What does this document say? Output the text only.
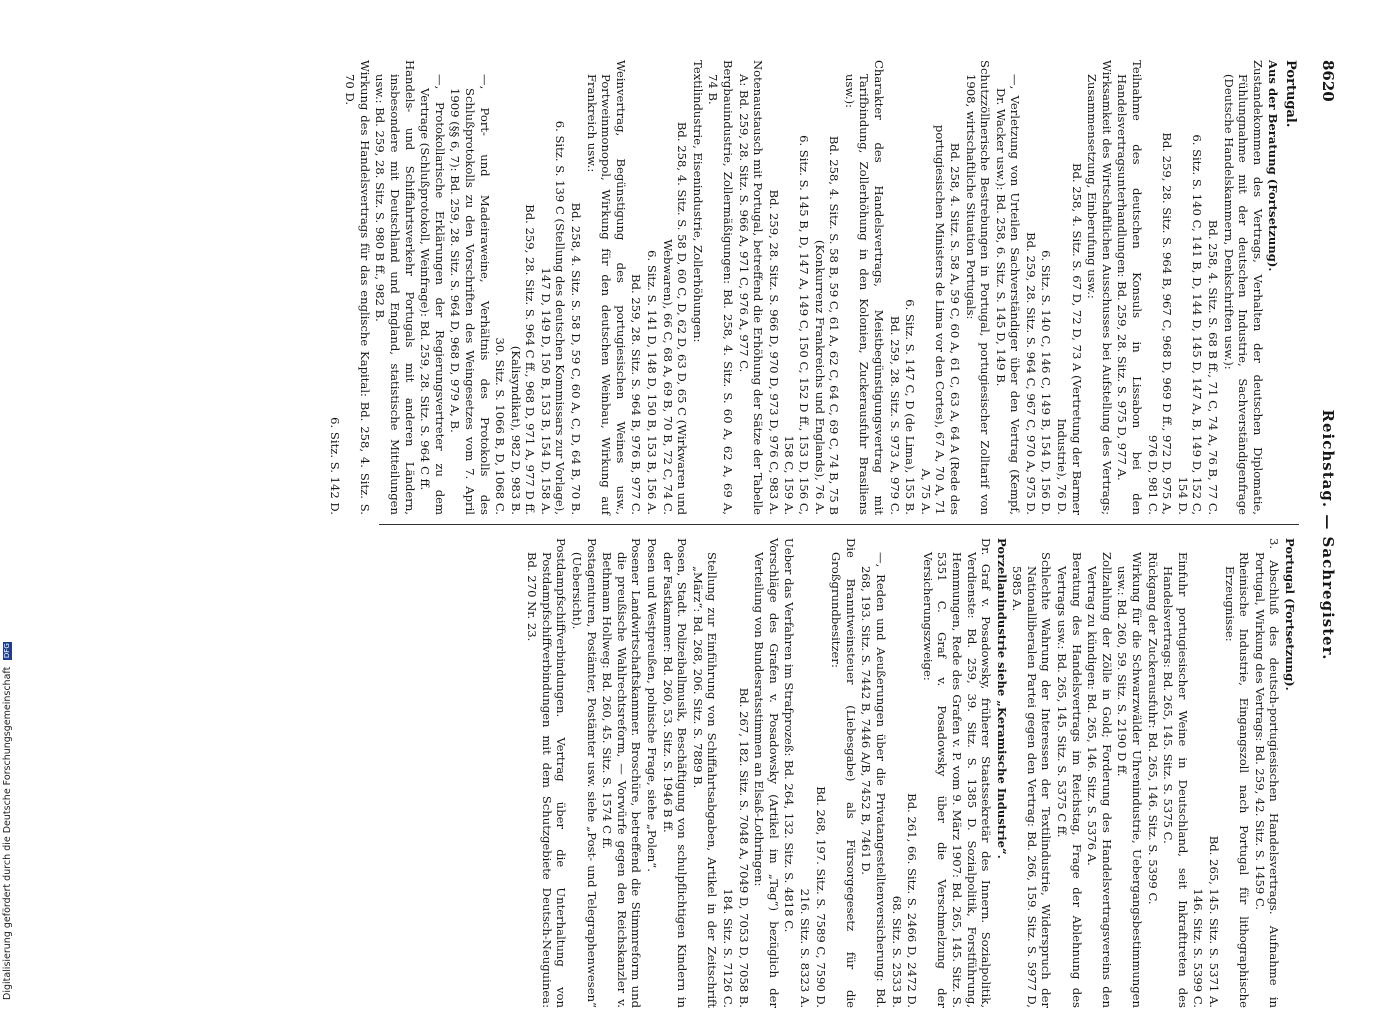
8620
Reichstag. — Sachregister.
Portugal.
Aus der Beratung (Fortsetzung).
Zustandekommen des Vertrags, Verhalten der deutschen Diplomatie, Fühlungnahme mit der deutschen Industrie, Sachverständigenfrage (Deutsche Handelskammern, Denkschriften usw.):
Bd. 258, 4. Sitz. S. 68 B ff., 71 C, 74 A, 76 B, 77 C.
6. Sitz. S. 140 C, 141 B, D, 144 D, 145 D, 147 A, B, 149 D, 152 C, 154 D.
Bd. 259, 28. Sitz. S. 964 B, 967 C, 968 D, 969 D ff., 972 D, 975 A, 976 D, 981 C.
Teilnahme des deutschen Konsuls in Lissabon bei den Handelsvertragsunterhandlungen: Bd. 259, 28. Sitz. S. 975 D, 977 A.
Wirksamkeit des Wirtschaftlichen Ausschusses bei Aufstellung des Vertrags; Zusammensetzung, Einberufung usw.:
Bd. 258, 4. Sitz. S. 67 D, 72 D, 73 A (Vertretung der Barmer Industrie), 76 D.
6. Sitz. S. 140 C, 146 C, 149 B, 154 D, 156 D.
Bd. 259, 28. Sitz. S. 964 C, 967 C, 970 A, 975 D.
—, Verletzung von Urteilen Sachverständiger über den Vertrag (Kempf, Dr. Wacker usw.): Bd. 258, 6. Sitz. S. 145 D, 149 B.
Schutzzöllnerische Bestrebungen in Portugal, portugiesischer Zolltarif von 1908, wirtschaftliche Situation Portugals:
Bd. 258, 4. Sitz. S. 58 A, 59 C, 60 A, 61 C, 63 A, 64 A (Rede des portugiesischen Ministers de Lima vor den Cortes), 67 A, 70 A, 71 A, 75 A.
6. Sitz. S. 147 C, D (de Lima), 155 B.
Bd. 259, 28. Sitz. S. 973 A, 979 C.
Charakter des Handelsvertrags, Meistbegünstigungsvertrag mit Tarifbindung, Zollerhöhung in den Kolonien, Zuckerausfuhr Brasiliens usw.):
Bd. 258, 4. Sitz. S. 58 B, 59 C, 61 A, 62 C, 64 C, 69 C, 74 B, 75 B (Konkurrenz Frankreichs und Englands), 76 A.
6. Sitz. S. 145 B, D, 147 A, 149 C, 150 C, 152 D ff., 153 D, 156 C, 158 C, 159 A.
Bd. 259, 28. Sitz. S. 966 D, 970 D, 973 D, 976 C, 983 A.
Notenaustausch mit Portugal, betreffend die Erhöhung der Sätze der Tabelle A: Bd. 259, 28. Sitz. S. 966 A, 971 C, 976 A, 977 C.
Bergbauindustrie, Zollermäßigungen: Bd. 258, 4. Sitz. S. 60 A, 62 A, 69 A, 74 B.
Textilindustrie, Eisenindustrie, Zollerhöhungen:
Bd. 258, 4. Sitz. S. 58 D, 60 C, D, 62 D, 63 D, 65 C (Wirkwaren und Webwaren), 66 C, 68 A, 69 B, 70 B, 72 C, 74 C.
6. Sitz. S. 141 D, 148 D, 150 B, 153 B, 156 A.
Bd. 259, 28. Sitz. S. 964 B, 976 B, 977 C.
Weinvertrag, Begünstigung des portugiesischen Weines usw., Portweinmonopol, Wirkung für den deutschen Weinbau, Wirkung auf Frankreich usw.:
Bd. 258, 4. Sitz. S. 58 D, 59 C, 60 A, C, D, 64 B, 70 B.
6. Sitz. S. 139 C (Stellung des deutschen Kommissars zur Vorlage), 147 D, 149 D, 150 B, 153 B, 154 D, 158 A.
Bd. 259, 28. Sitz. S. 964 C ff., 968 D, 971 A, 977 D ff. (Kalisyndikat), 982 D, 983 B.
30. Sitz. S. 1066 B, D, 1068 C.
—, Port- und Madeiraweine, Verhältnis des Protokolls des Schlußprotokolls zu den Vorschriften des Weingesetzes vom 7. April 1909 (§§ 6, 7): Bd. 259, 28. Sitz. S. 964 D, 968 D, 979 A, B.
—, Protokollarische Erklärungen der Regierungsvertreter zu dem Vertrage (Schlußprotokoll, Weinfrage): Bd. 259, 28. Sitz. S. 964 C ff.
Handels- und Schiffahrtsverkehr Portugals mit anderen Ländern, insbesondere mit Deutschland und England, statistische Mitteilungen usw.: Bd. 259, 28. Sitz. S. 980 B ff., 982 B.
Wirkung des Handelsvertrags für das englische Kapital: Bd. 258, 4. Sitz. S. 70 D.
6. Sitz. S. 142 D.
Portugal (Fortsetzung).
3. Abschluß des deutsch-portugiesischen Handelsvertrags. Aufnahme in Portugal, Wirkung des Vertrags: Bd. 259, 42. Sitz. S. 1459 C.
Rheinische Industrie, Eingangszoll nach Portugal für lithographische Erzeugnisse:
Bd. 265, 145. Sitz. S. 5371 A.
146. Sitz. S. 5399 C.
Einfuhr portugiesischer Weine in Deutschland, seit Inkrafttreten des Handelsvertrags: Bd. 265, 145. Sitz. S. 5375 C.
Rückgang der Zuckerausfuhr: Bd. 265, 146. Sitz. S. 5399 C.
Wirkung für die Schwarzwälder Uhrenindustrie, Uebergangsbestimmungen usw.: Bd. 260, 59. Sitz. S. 2190 D ff.
Zollzahlung der Zölle in Gold; Forderung des Handelsvertragsvereins den Vertrag zu kündigen: Bd. 265, 146. Sitz. S. 5376 A.
Beratung des Handelsvertrags im Reichstag, Frage der Ablehnung des Vertrags usw.: Bd. 265, 145. Sitz. S. 5375 C ff.
Schlechte Wahrung der Interessen der Textilindustrie, Widerspruch der Nationalliberalen Partei gegen den Vertrag: Bd. 266, 159. Sitz. S. 5977 D, 5985 A.
Porzellanindustrie siehe „Keramische Industrie“.
Dr. Graf v. Posadowsky, früherer Staatssekretär des Innern. Sozialpolitik, Verdienste: Bd. 259, 39. Sitz. S. 1385 D. Sozialpolitik, Forstführung, Hemmungen, Rede des Grafen v. P. vom 9. März 1907: Bd. 265, 145. Sitz. S. 5351 C. Graf v. Posadowsky über die Verschmelzung der Versicherungszweige:
Bd. 261, 66. Sitz. S. 2466 D, 2472 D.
68. Sitz. S. 2533 B.
—, Reden und Aeußerungen über die Privatangestelltenversicherung: Bd. 268, 193. Sitz. S. 7442 B, 7446 A/B, 7452 B, 7461 D.
Die Branntweinsteuer (Liebesgabe) als Fürsorgegesetz für die Großgrundbesitzer:
Bd. 268, 197. Sitz. S. 7589 C, 7590 D.
216. Sitz. S. 8323 A.
Ueber das Verfahren im Strafprozeß: Bd. 264, 132. Sitz. S. 4818 C.
Vorschläge des Grafen v. Posadowsky (Artikel im „Tag“) bezüglich der Verteilung von Bundesratsstimmen an Elsaß-Lothringen:
Bd. 267, 182. Sitz. S. 7048 A, 7049 D, 7053 D, 7058 B.
184. Sitz. S. 7126 C.
Stellung zur Einführung von Schiffahrtsabgaben, Artikel in der Zeitschrift „März“: Bd. 268, 206. Sitz. S. 7889 B.
Posen, Stadt. Polizeiballmusik, Beschäftigung von schulpflichtigen Kindern in der Fastkammer: Bd. 260, 53. Sitz. S. 1946 B ff.
Posen und Westpreußen, polnische Frage, siehe „Polen“.
Posener Landwirtschaftskammer. Broschüre, betreffend die Stimmreform und die preußische Wahlrechtsreform, — Vorwürfe gegen den Reichskanzler v. Bethmann Hollweg: Bd. 260, 45. Sitz. S. 1574 C ff.
Postagenturen, Postämter, Postämter usw. siehe „Post- und Telegraphenwesen“ (Uebersicht).
Postdampfschiffverbindungen. Vertrag über die Unterhaltung von Postdampfschiffverbindungen mit dem Schutzgebiete Deutsch-Neuguinea: Bd. 270 Nr. 23.
Digitalisierung gefördert durch die Deutsche Forschungsgemeinschaft DFG
